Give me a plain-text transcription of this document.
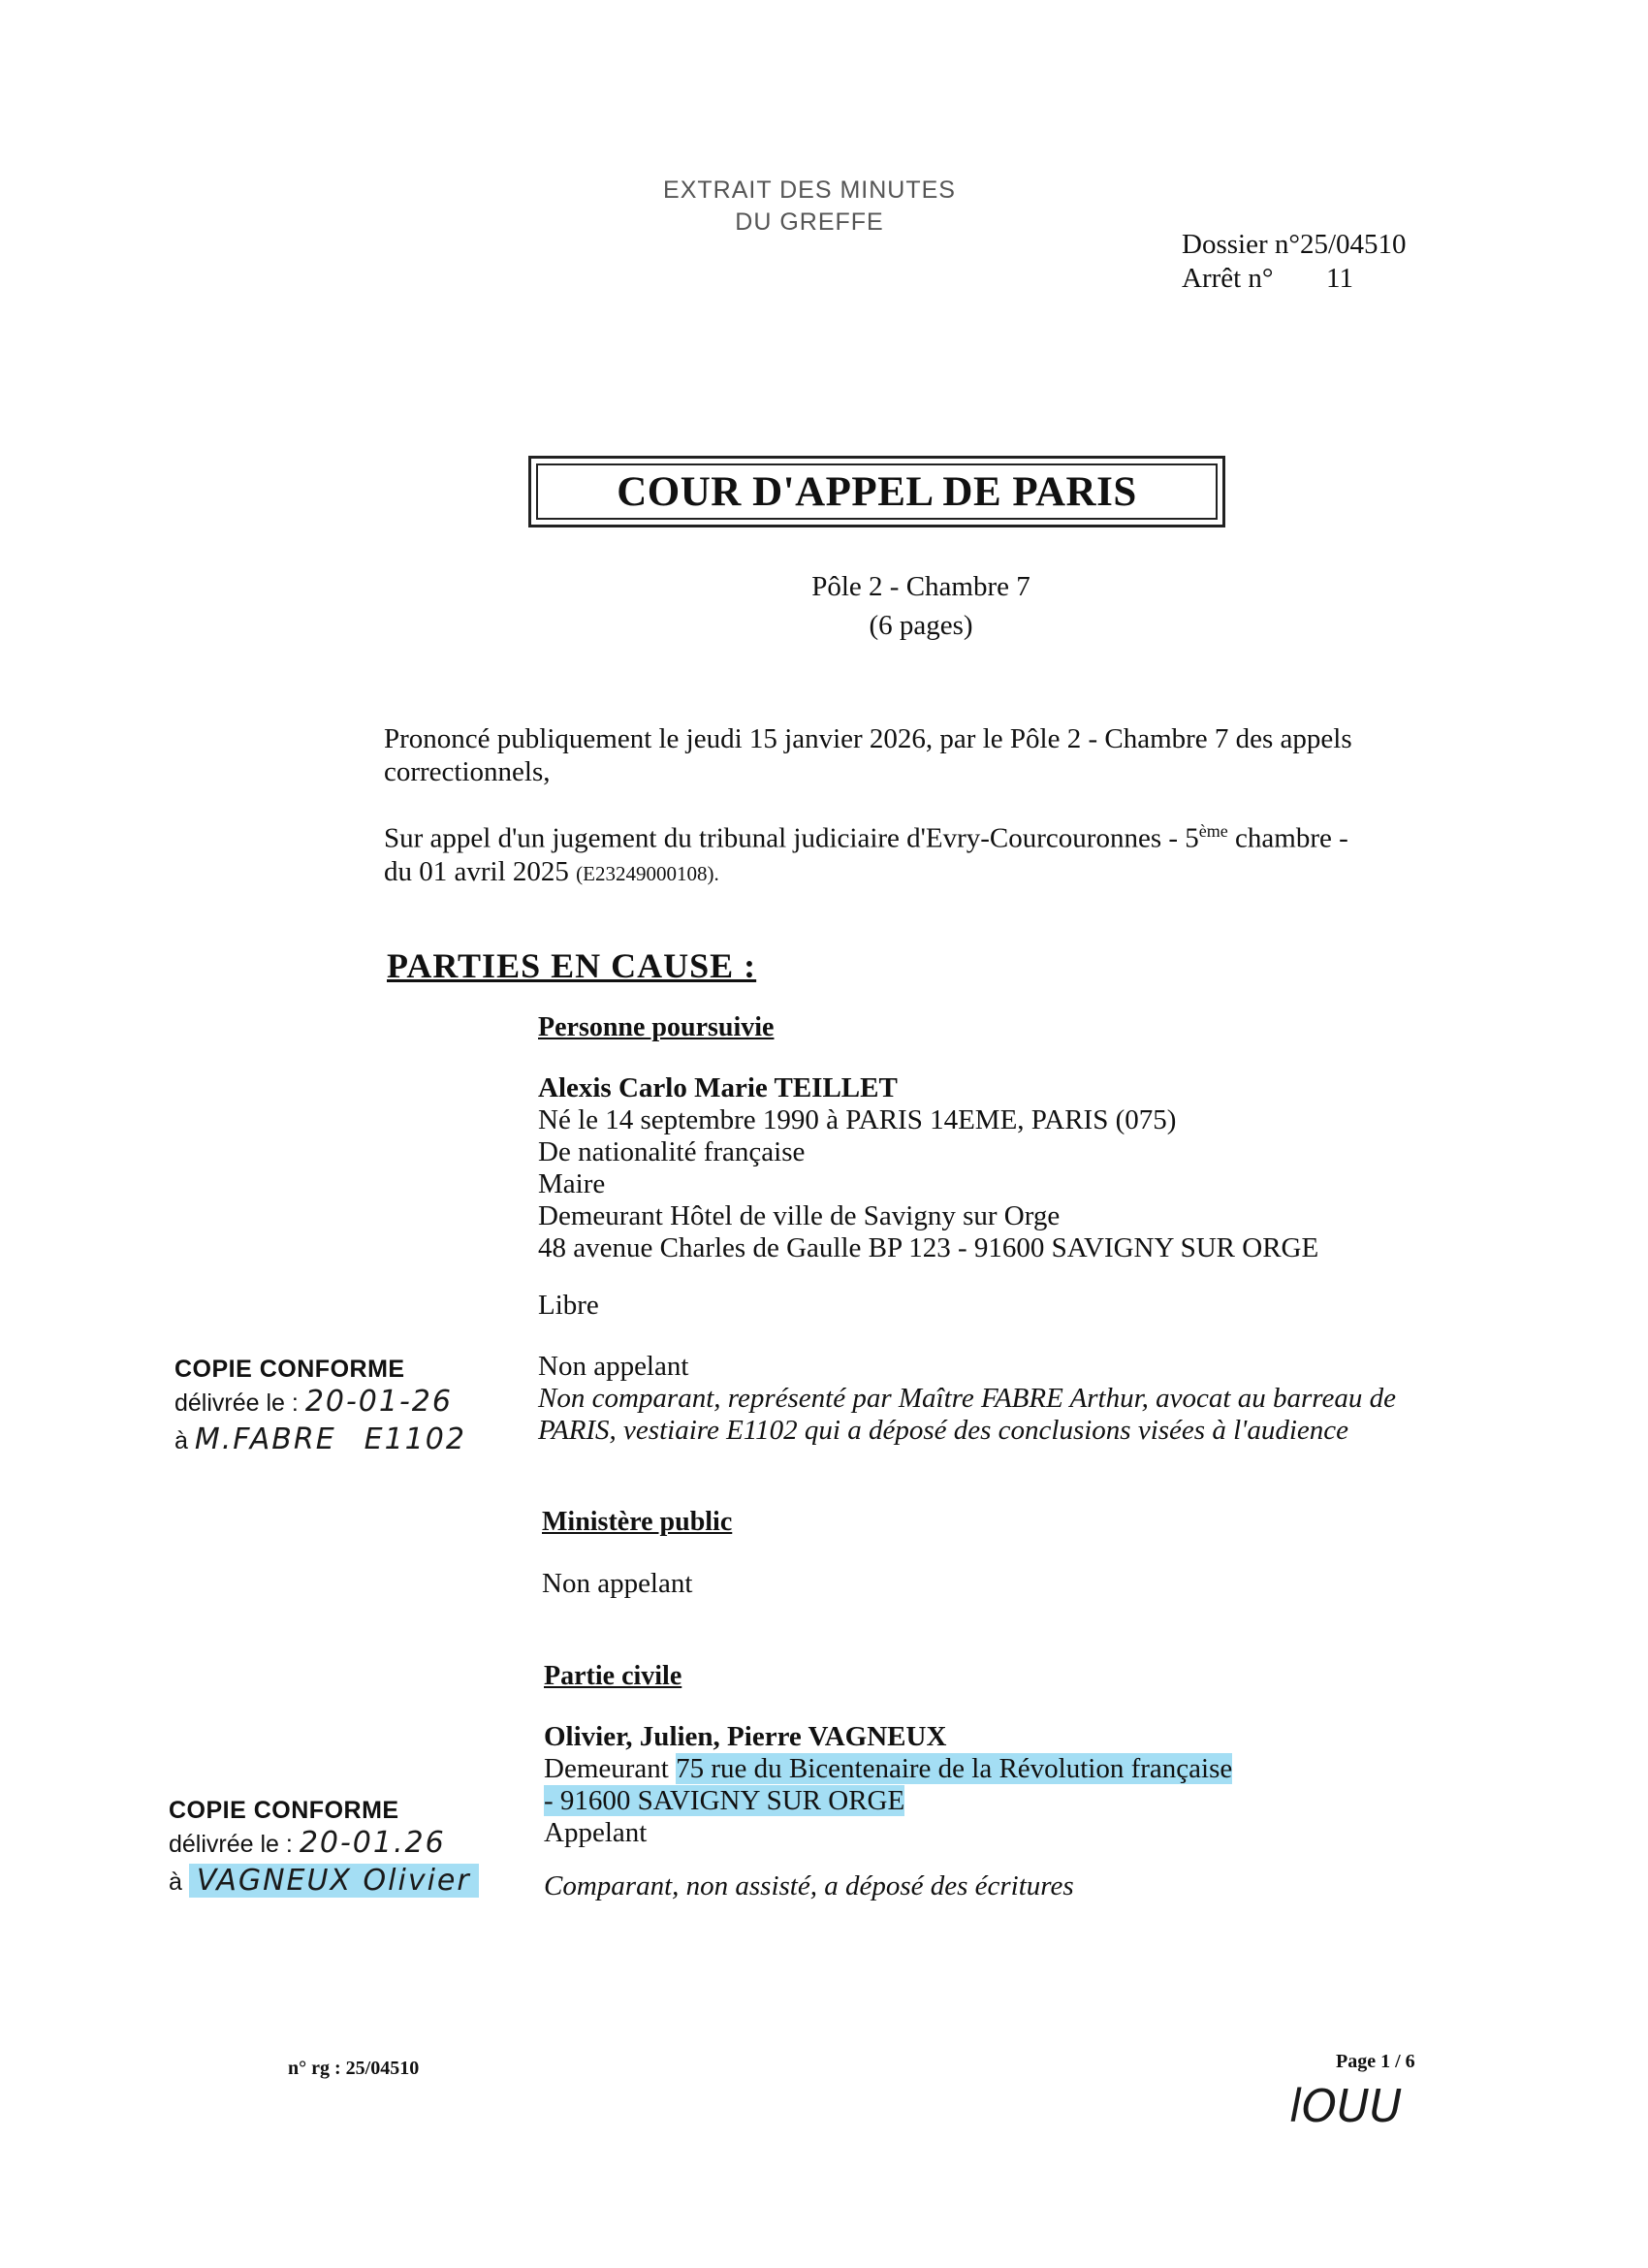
EXTRAIT DES MINUTES
DU GREFFE
Dossier n°25/04510
Arrêt n° 11
COUR D'APPEL DE PARIS
Pôle 2 - Chambre 7
(6 pages)
Prononcé publiquement le jeudi 15 janvier 2026, par le Pôle 2 - Chambre 7 des appels correctionnels,
Sur appel d'un jugement du tribunal judiciaire d'Evry-Courcouronnes - 5ème chambre -
du 01 avril 2025 (E23249000108).
PARTIES EN CAUSE :
Personne poursuivie
Alexis Carlo Marie TEILLET
Né le 14 septembre 1990 à PARIS 14EME, PARIS (075)
De nationalité française
Maire
Demeurant Hôtel de ville de Savigny sur Orge
48 avenue Charles de Gaulle BP 123 - 91600 SAVIGNY SUR ORGE
Libre
Non appelant
Non comparant, représenté par Maître FABRE Arthur, avocat au barreau de
PARIS, vestiaire E1102 qui a déposé des conclusions visées à l'audience
COPIE CONFORME
délivrée le : 20-01-26
à M.FABRE E1102
Ministère public
Non appelant
Partie civile
Olivier, Julien, Pierre VAGNEUX
Demeurant 75 rue du Bicentenaire de la Révolution française
- 91600 SAVIGNY SUR ORGE
Appelant
Comparant, non assisté, a déposé des écritures
COPIE CONFORME
délivrée le : 20-01.26
à VAGNEUX Olivier
n° rg : 25/04510	Page 1 / 6
lOUU
